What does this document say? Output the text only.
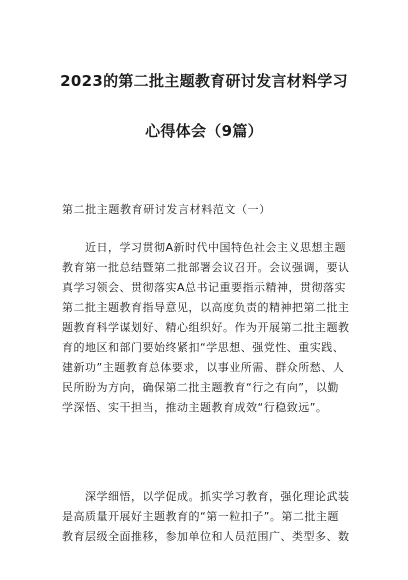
2023的第二批主题教育研讨发言材料学习
心得体会（9篇）
第二批主题教育研讨发言材料范文（一）
　　近日，学习贯彻A新时代中国特色社会主义思想主题
教育第一批总结暨第二批部署会议召开。会议强调，要认
真学习领会、贯彻落实A总书记重要指示精神，贯彻落实
第二批主题教育指导意见，以高度负责的精神把第二批主
题教育科学谋划好、精心组织好。作为开展第二批主题教
育的地区和部门要始终紧扣“学思想、强党性、重实践、
建新功”主题教育总体要求，以事业所需、群众所愁、人
民所盼为方向，确保第二批主题教育“行之有向”，以勤
学深悟、实干担当，推动主题教育成效“行稳致远”。
　　深学细悟，以学促成。抓实学习教育，强化理论武装
是高质量开展好主题教育的“第一粒扣子”。第二批主题
教育层级全面推移，参加单位和人员范围广、类型多、数
